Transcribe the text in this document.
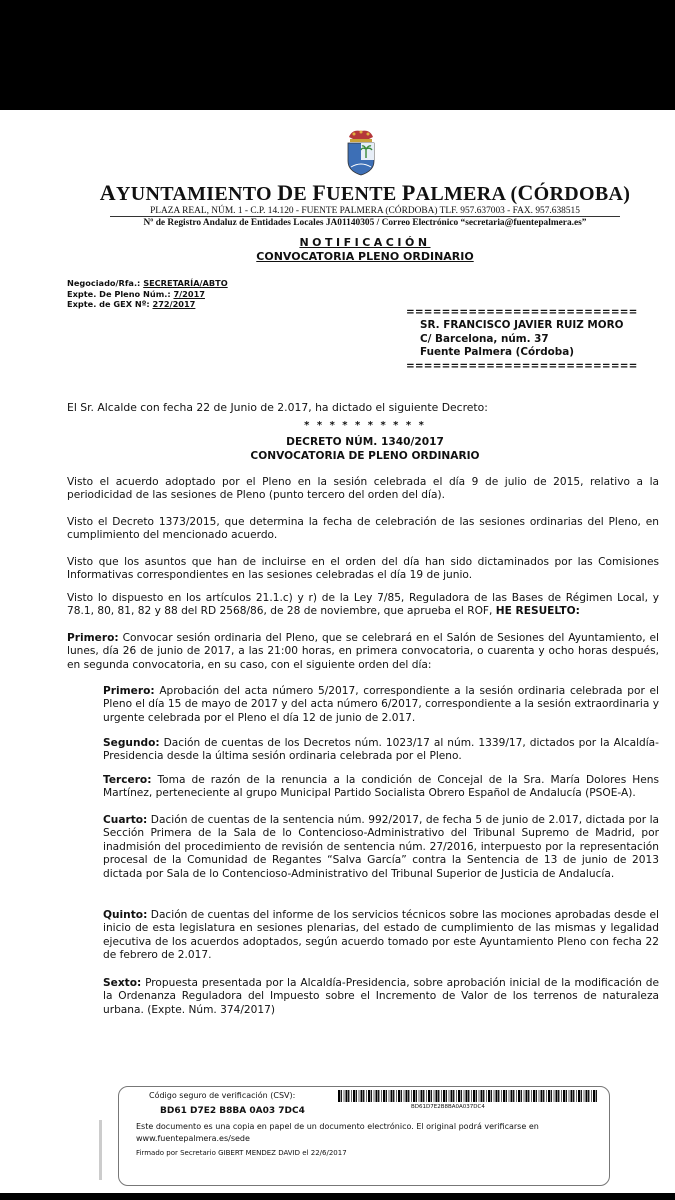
AYUNTAMIENTO DE FUENTE PALMERA (CÓRDOBA)
PLAZA REAL, NÚM. 1 - C.P. 14.120 - FUENTE PALMERA (CÓRDOBA) TLF. 957.637003 - FAX. 957.638515
Nº de Registro Andaluz de Entidades Locales JA01140305 / Correo Electrónico “secretaria@fuentepalmera.es”
NOTIFICACIÓN
CONVOCATORIA PLENO ORDINARIO
Negociado/Rfa.: SECRETARÍA/ABTO
Expte. De Pleno Núm.: 7/2017
Expte. de GEX Nº: 272/2017
==========================
SR. FRANCISCO JAVIER RUIZ MORO
C/ Barcelona, núm. 37
Fuente Palmera (Córdoba)
==========================
El Sr. Alcalde con fecha 22 de Junio de 2.017, ha dictado el siguiente Decreto:
* * * * * * * * * *
DECRETO NÚM. 1340/2017
CONVOCATORIA DE PLENO ORDINARIO
Visto el acuerdo adoptado por el Pleno en la sesión celebrada el día 9 de julio de 2015, relativo a la periodicidad de las sesiones de Pleno (punto tercero del orden del día).
Visto el Decreto 1373/2015, que determina la fecha de celebración de las sesiones ordinarias del Pleno, en cumplimiento del mencionado acuerdo.
Visto que los asuntos que han de incluirse en el orden del día han sido dictaminados por las Comisiones Informativas correspondientes en las sesiones celebradas el día 19 de junio.
Visto lo dispuesto en los artículos 21.1.c) y r) de la Ley 7/85, Reguladora de las Bases de Régimen Local, y 78.1, 80, 81, 82 y 88 del RD 2568/86, de 28 de noviembre, que aprueba el ROF, HE RESUELTO:
Primero: Convocar sesión ordinaria del Pleno, que se celebrará en el Salón de Sesiones del Ayuntamiento, el lunes, día 26 de junio de 2017, a las 21:00 horas, en primera convocatoria, o cuarenta y ocho horas después, en segunda convocatoria, en su caso, con el siguiente orden del día:
Primero: Aprobación del acta número 5/2017, correspondiente a la sesión ordinaria celebrada por el Pleno el día 15 de mayo de 2017 y del acta número 6/2017, correspondiente a la sesión extraordinaria y urgente celebrada por el Pleno el día 12 de junio de 2.017.
Segundo: Dación de cuentas de los Decretos núm. 1023/17 al núm. 1339/17, dictados por la Alcaldía-Presidencia desde la última sesión ordinaria celebrada por el Pleno.
Tercero: Toma de razón de la renuncia a la condición de Concejal de la Sra. María Dolores Hens Martínez, perteneciente al grupo Municipal Partido Socialista Obrero Español de Andalucía (PSOE-A).
Cuarto: Dación de cuentas de la sentencia núm. 992/2017, de fecha 5 de junio de 2.017, dictada por la Sección Primera de la Sala de lo Contencioso-Administrativo del Tribunal Supremo de Madrid, por inadmisión del procedimiento de revisión de sentencia núm. 27/2016, interpuesto por la representación procesal de la Comunidad de Regantes “Salva García” contra la Sentencia de 13 de junio de 2013 dictada por Sala de lo Contencioso-Administrativo del Tribunal Superior de Justicia de Andalucía.
Quinto: Dación de cuentas del informe de los servicios técnicos sobre las mociones aprobadas desde el inicio de esta legislatura en sesiones plenarias, del estado de cumplimiento de las mismas y legalidad ejecutiva de los acuerdos adoptados, según acuerdo tomado por este Ayuntamiento Pleno con fecha 22 de febrero de 2.017.
Sexto: Propuesta presentada por la Alcaldía-Presidencia, sobre aprobación inicial de la modificación de la Ordenanza Reguladora del Impuesto sobre el Incremento de Valor de los terrenos de naturaleza urbana. (Expte. Núm. 374/2017)
Código seguro de verificación (CSV):
BD61 D7E2 B8BA 0A03 7DC4	BD61D7E2B8BA0A037DC4
Este documento es una copia en papel de un documento electrónico. El original podrá verificarse en
www.fuentepalmera.es/sede
Firmado por Secretario GIBERT MENDEZ DAVID el 22/6/2017
